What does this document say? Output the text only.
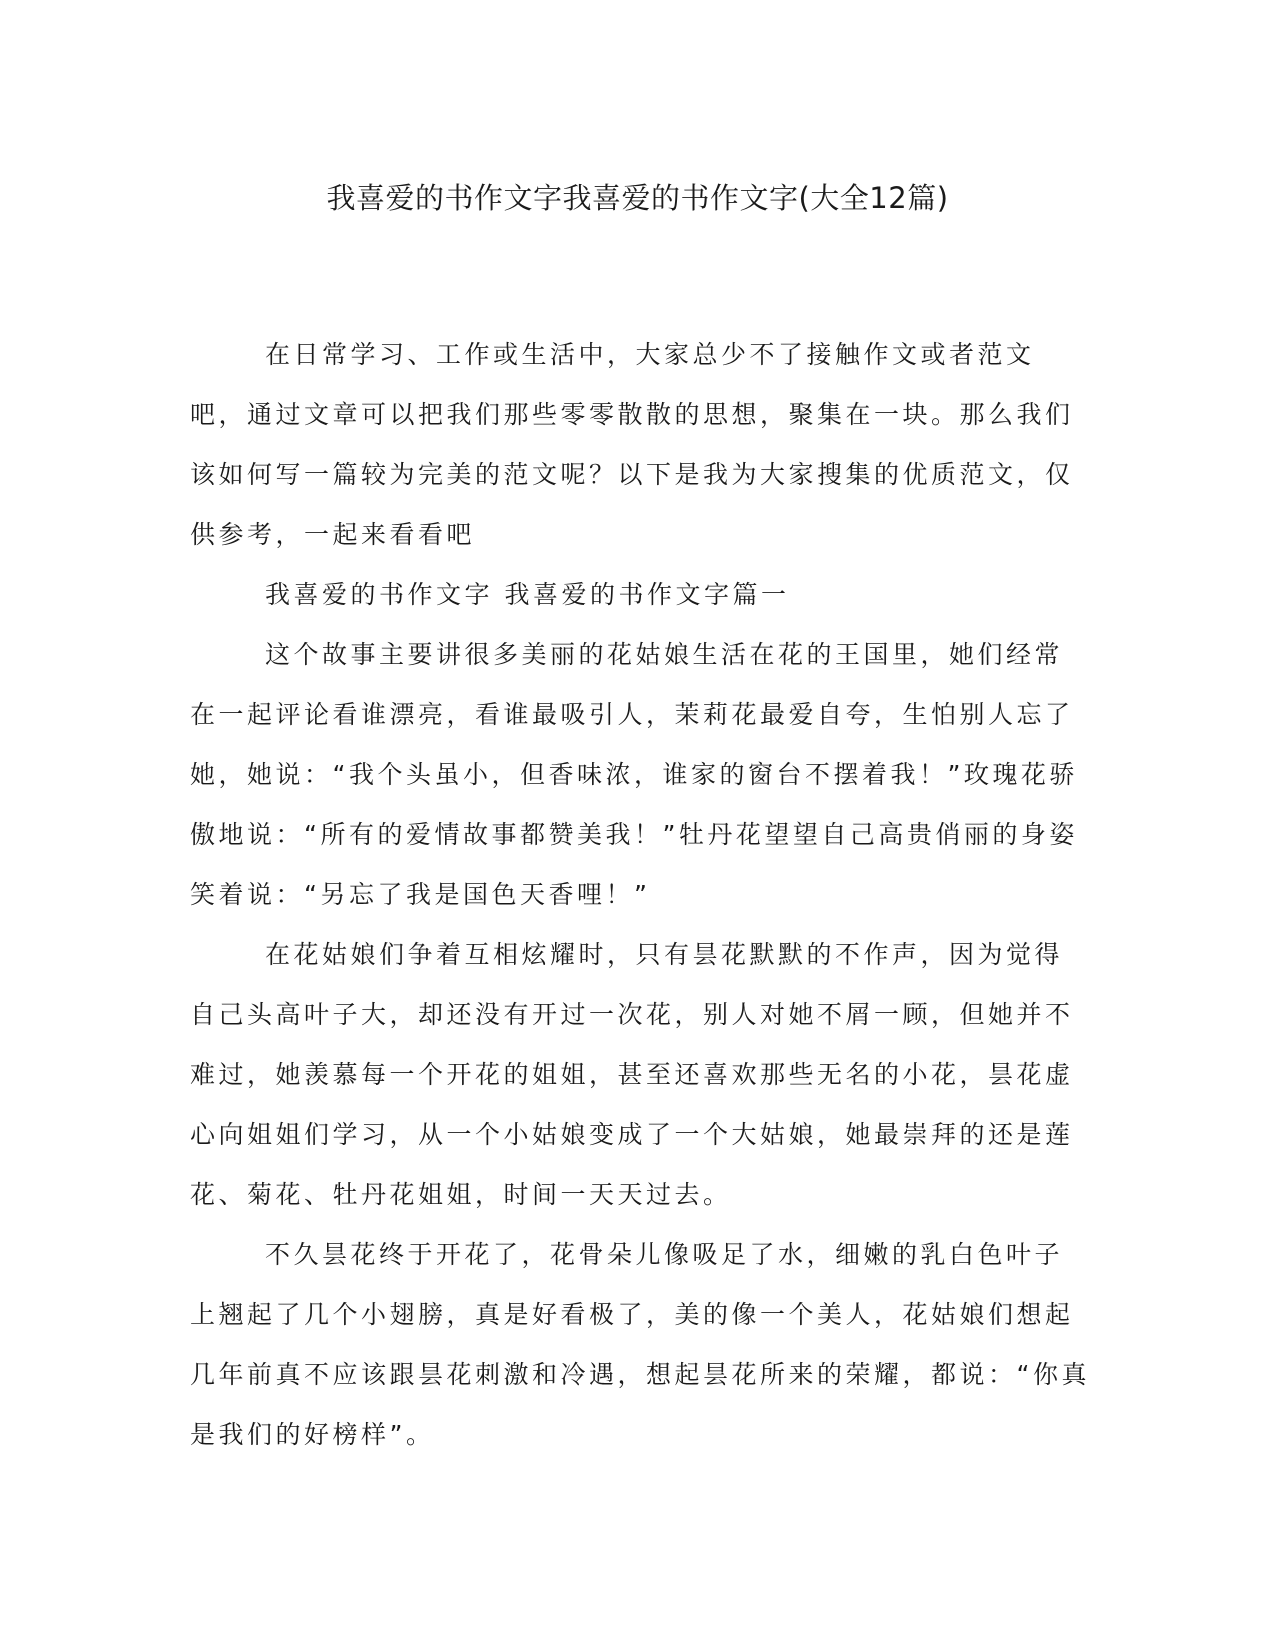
我喜爱的书作文字我喜爱的书作文字(大全12篇)

在日常学习、工作或生活中，大家总少不了接触作文或者范文吧，通过文章可以把我们那些零零散散的思想，聚集在一块。那么我们该如何写一篇较为完美的范文呢？以下是我为大家搜集的优质范文，仅供参考，一起来看看吧

我喜爱的书作文字 我喜爱的书作文字篇一

这个故事主要讲很多美丽的花姑娘生活在花的王国里，她们经常在一起评论看谁漂亮，看谁最吸引人，茉莉花最爱自夸，生怕别人忘了她，她说：“我个头虽小，但香味浓，谁家的窗台不摆着我！”玫瑰花骄傲地说：“所有的爱情故事都赞美我！”牡丹花望望自己高贵俏丽的身姿笑着说：“另忘了我是国色天香哩！”

在花姑娘们争着互相炫耀时，只有昙花默默的不作声，因为觉得自己头高叶子大，却还没有开过一次花，别人对她不屑一顾，但她并不难过，她羡慕每一个开花的姐姐，甚至还喜欢那些无名的小花，昙花虚心向姐姐们学习，从一个小姑娘变成了一个大姑娘，她最崇拜的还是莲花、菊花、牡丹花姐姐，时间一天天过去。

不久昙花终于开花了，花骨朵儿像吸足了水，细嫩的乳白色叶子上翘起了几个小翅膀，真是好看极了，美的像一个美人，花姑娘们想起几年前真不应该跟昙花刺激和冷遇，想起昙花所来的荣耀，都说：“你真是我们的好榜样”。
